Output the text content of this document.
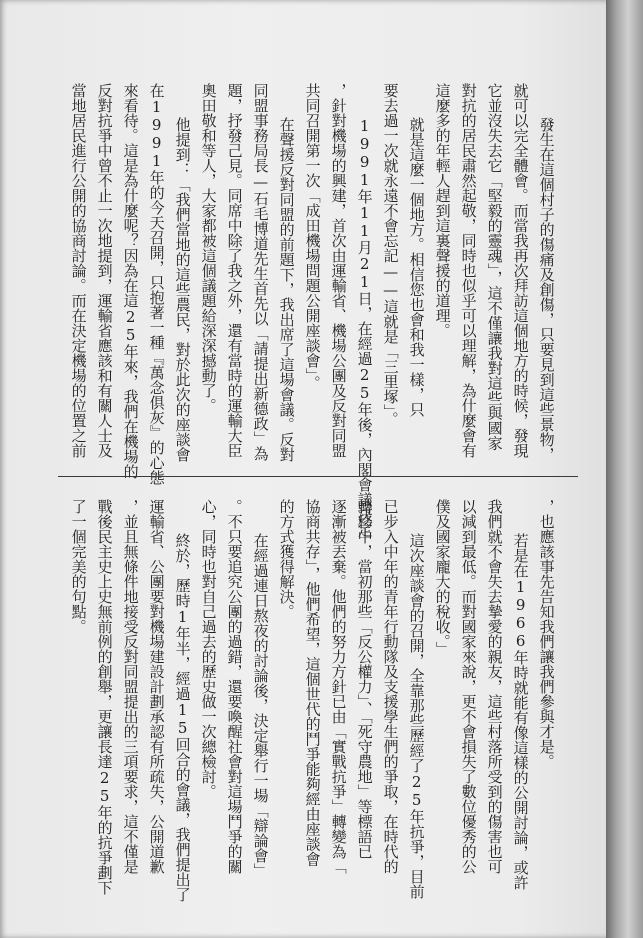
發生在這個村子的傷痛及創傷，只要見到這些景物，
就可以完全體會。而當我再次拜訪這個地方的時候，發現
它並沒失去它「堅毅的靈魂」，這不僅讓我對這些與國家
對抗的居民肅然起敬，同時也似乎可以理解，為什麼會有
這麼多的年輕人趕到這裏聲援的道理。
就是這麼一個地方。相信您也會和我一樣，只
要去過一次就永遠不會忘記——這就是「三里塚」。
1991年11月21日，在經過25年後，內閣會議決定
，針對機場的興建，首次由運輸省、機場公團及反對同盟
共同召開第一次「成田機場問題公開座談會」。
在聲援反對同盟的前題下，我出席了這場會議。反對
同盟事務局長—石毛博道先生首先以「請提出新德政」為
題，抒發己見。同席中除了我之外，還有當時的運輸大臣
奧田敬和等人，大家都被這個議題給深深撼動了。
他提到：「我們當地的這些農民，對於此次的座談會
在1991年的今天召開，只抱著一種『萬念俱灰』的心態
來看待。這是為什麼呢？因為在這25年來，我們在機場的
反對抗爭中曾不止一次地提到，運輸省應該和有關人士及
當地居民進行公開的協商討論。而在決定機場的位置之前
，也應該事先告知我們讓我們參與才是。
若是在1966年時就能有像這樣的公開討論，或許
我們就不會失去摯愛的親友，這些村落所受到的傷害也可
以減到最低。而對國家來說，更不會損失了數位優秀的公
僕及國家龐大的稅收。」
這次座談會的召開，全靠那些歷經了25年抗爭，目前
已步入中年的青年行動隊及支援學生們的爭取，在時代的
轉移中，當初那些「反公權力」、「死守農地」等標語已
逐漸被丟棄。他們的努力方針已由「實戰抗爭」轉變為「
協商共存」，他們希望，這個世代的鬥爭能夠經由座談會
的方式獲得解決。
在經過連日熬夜的討論後，決定舉行一場「辯論會」
。不只要追究公團的過錯，還要喚醒社會對這場鬥爭的關
心，同時也對自己過去的歷史做一次總檢討。
終於，歷時1年半，經過15回合的會議，我們提出了
運輸省、公團要對機場建設計劃承認有所疏失，公開道歉
，並且無條件地接受反對同盟提出的三項要求，這不僅是
戰後民主史上史無前例的創舉，更讓長達25年的抗爭劃下
了一個完美的句點。
